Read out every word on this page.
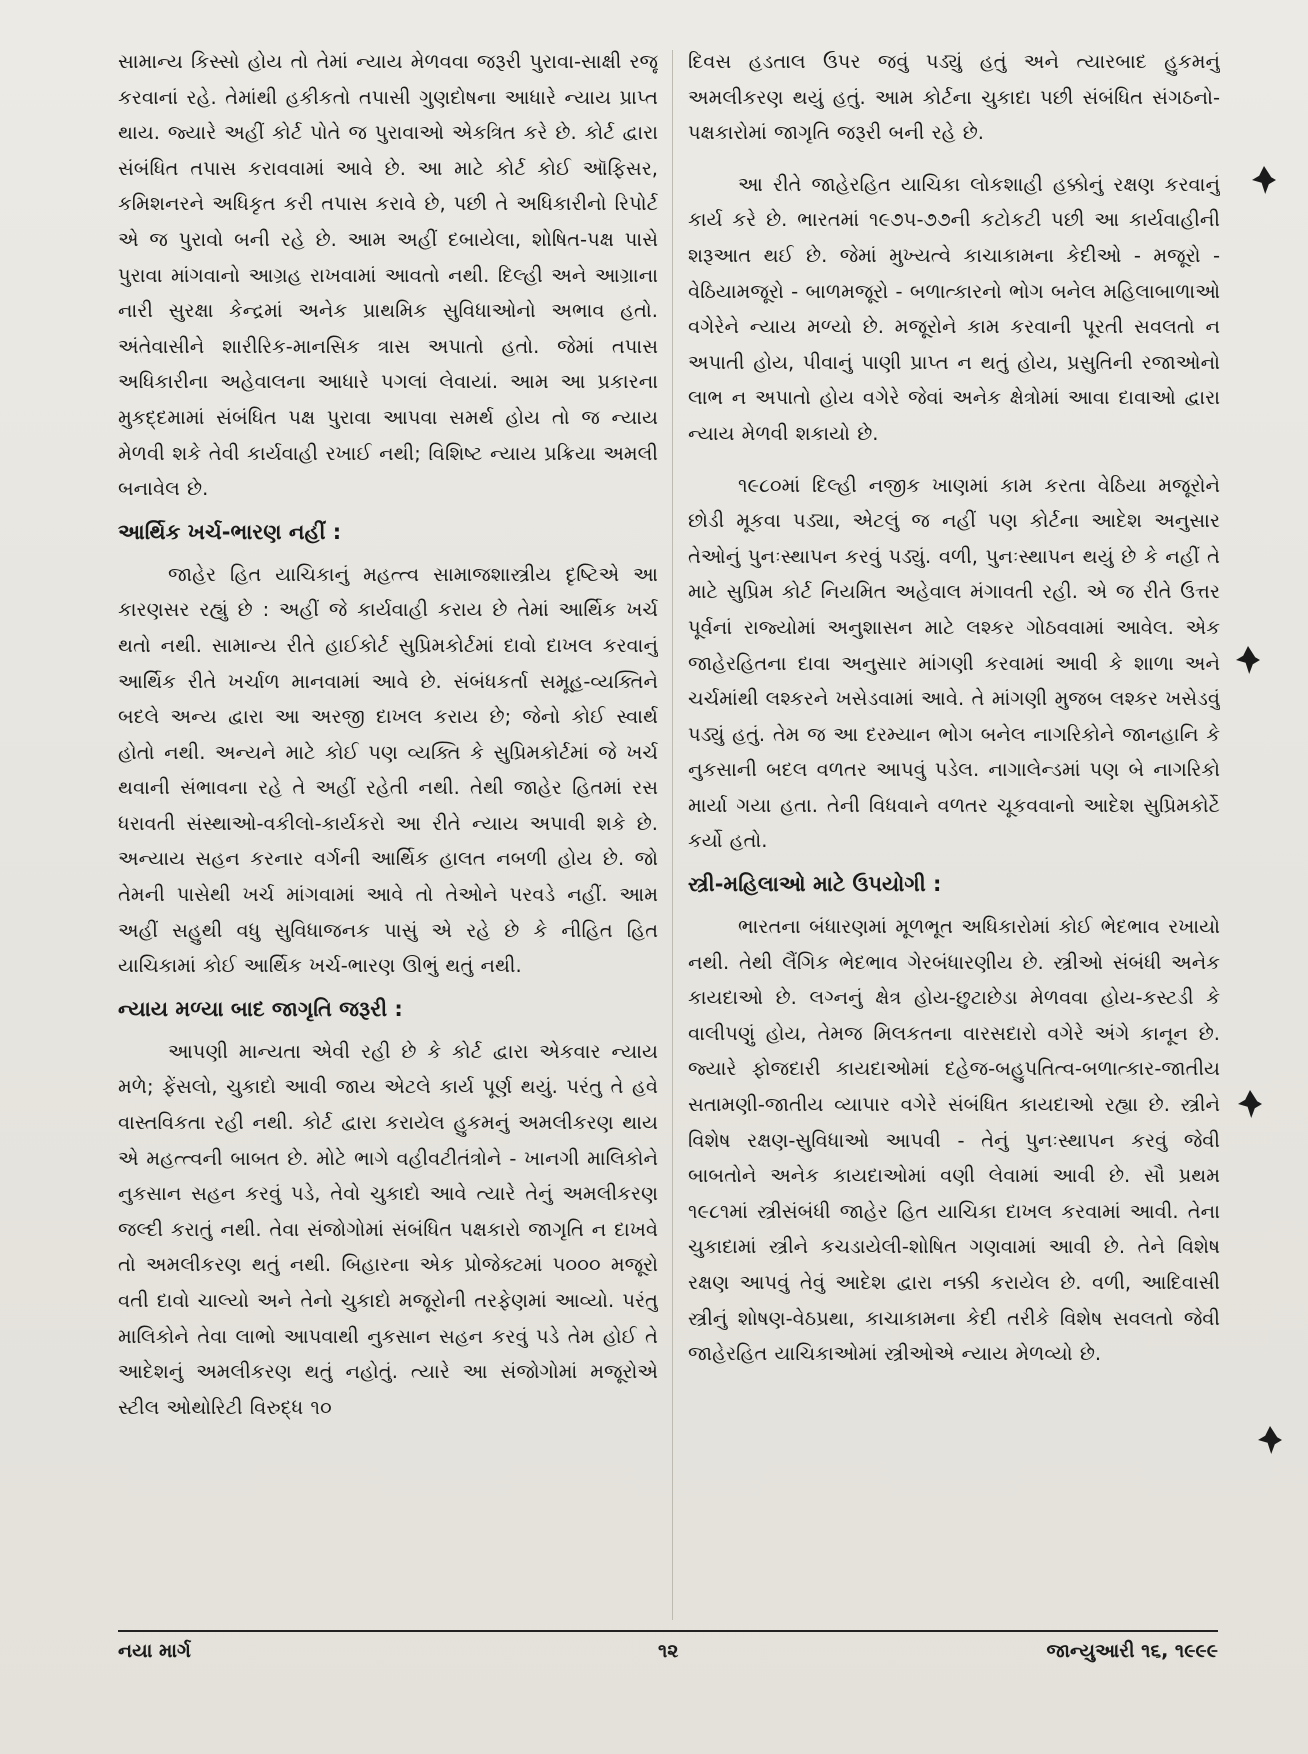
સામાન્ય કિસ્સો હોય તો તેમાં ન્યાય મેળવવા જરૂરી પુરાવા-સાક્ષી રજૂ કરવાનાં રહે. તેમાંથી હકીકતો તપાસી ગુણદોષના આધારે ન્યાય પ્રાપ્ત થાય. જ્યારે અહીં કોર્ટ પોતે જ પુરાવાઓ એકત્રિત કરે છે. કોર્ટ દ્વારા સંબંધિત તપાસ કરાવવામાં આવે છે. આ માટે કોર્ટ કોઈ ઑફિસર, કમિશનરને અધિકૃત કરી તપાસ કરાવે છે, પછી તે અધિકારીનો રિપોર્ટ એ જ પુરાવો બની રહે છે. આમ અહીં દબાયેલા, શોષિત-પક્ષ પાસે પુરાવા માંગવાનો આગ્રહ રાખવામાં આવતો નથી. દિલ્હી અને આગ્રાના નારી સુરક્ષા કેન્દ્રમાં અનેક પ્રાથમિક સુવિધાઓનો અભાવ હતો. અંતેવાસીને શારીરિક-માનસિક ત્રાસ અપાતો હતો. જેમાં તપાસ અધિકારીના અહેવાલના આધારે પગલાં લેવાયાં. આમ આ પ્રકારના મુકદ્દમામાં સંબંધિત પક્ષ પુરાવા આપવા સમર્થ હોય તો જ ન્યાય મેળવી શકે તેવી કાર્યવાહી રખાઈ નથી; વિશિષ્ટ ન્યાય પ્રક્રિયા અમલી બનાવેલ છે.

આર્થિક ખર્ચ-ભારણ નહીં :

જાહેર હિત યાચિકાનું મહત્ત્વ સામાજશાસ્ત્રીય દૃષ્ટિએ આ કારણસર રહ્યું છે : અહીં જે કાર્યવાહી કરાય છે તેમાં આર્થિક ખર્ચ થતો નથી. સામાન્ય રીતે હાઈકોર્ટ સુપ્રિમકોર્ટમાં દાવો દાખલ કરવાનું આર્થિક રીતે ખર્ચાળ માનવામાં આવે છે. સંબંધકર્તા સમૂહ-વ્યક્તિને બદલે અન્ય દ્વારા આ અરજી દાખલ કરાય છે; જેનો કોઈ સ્વાર્થ હોતો નથી. અન્યને માટે કોઈ પણ વ્યક્તિ કે સુપ્રિમકોર્ટમાં જે ખર્ચ થવાની સંભાવના રહે તે અહીં રહેતી નથી. તેથી જાહેર હિતમાં રસ ધરાવતી સંસ્થાઓ-વકીલો-કાર્યકરો આ રીતે ન્યાય અપાવી શકે છે. અન્યાય સહન કરનાર વર્ગની આર્થિક હાલત નબળી હોય છે. જો તેમની પાસેથી ખર્ચ માંગવામાં આવે તો તેઓને પરવડે નહીં. આમ અહીં સહુથી વધુ સુવિધાજનક પાસું એ રહે છે કે નીહિત હિત યાચિકામાં કોઈ આર્થિક ખર્ચ-ભારણ ઊભું થતું નથી.

ન્યાય મળ્યા બાદ જાગૃતિ જરૂરી :

આપણી માન્યતા એવી રહી છે કે કોર્ટ દ્વારા એકવાર ન્યાય મળે; ફેંસલો, ચુકાદો આવી જાય એટલે કાર્ય પૂર્ણ થયું. પરંતુ તે હવે વાસ્તવિકતા રહી નથી. કોર્ટ દ્વારા કરાયેલ હુકમનું અમલીકરણ થાય એ મહત્ત્વની બાબત છે. મોટે ભાગે વહીવટીતંત્રોને - ખાનગી માલિકોને નુકસાન સહન કરવું પડે, તેવો ચુકાદો આવે ત્યારે તેનું અમલીકરણ જલ્દી કરાતું નથી. તેવા સંજોગોમાં સંબંધિત પક્ષકારો જાગૃતિ ન દાખવે તો અમલીકરણ થતું નથી. બિહારના એક પ્રોજેક્ટમાં ૫૦૦૦ મજૂરો વતી દાવો ચાલ્યો અને તેનો ચુકાદો મજૂરોની તરફેણમાં આવ્યો. પરંતુ માલિકોને તેવા લાભો આપવાથી નુકસાન સહન કરવું પડે તેમ હોઈ તે આદેશનું અમલીકરણ થતું નહોતું. ત્યારે આ સંજોગોમાં મજૂરોએ સ્ટીલ ઓથોરિટી વિરુદ્ધ ૧૦

દિવસ હડતાલ ઉપર જવું પડ્યું હતું અને ત્યારબાદ હુકમનું અમલીકરણ થયું હતું. આમ કોર્ટના ચુકાદા પછી સંબંધિત સંગઠનો-પક્ષકારોમાં જાગૃતિ જરૂરી બની રહે છે.

આ રીતે જાહેરહિત યાચિકા લોકશાહી હક્કોનું રક્ષણ કરવાનું કાર્ય કરે છે. ભારતમાં ૧૯૭૫-૭૭ની કટોકટી પછી આ કાર્યવાહીની શરૂઆત થઈ છે. જેમાં મુખ્યત્વે કાચાકામના કેદીઓ - મજૂરો - વેઠિયામજૂરો - બાળમજૂરો - બળાત્કારનો ભોગ બનેલ મહિલાબાળાઓ વગેરેને ન્યાય મળ્યો છે. મજૂરોને કામ કરવાની પૂરતી સવલતો ન અપાતી હોય, પીવાનું પાણી પ્રાપ્ત ન થતું હોય, પ્રસુતિની રજાઓનો લાભ ન અપાતો હોય વગેરે જેવાં અનેક ક્ષેત્રોમાં આવા દાવાઓ દ્વારા ન્યાય મેળવી શકાયો છે.

૧૯૮૦માં દિલ્હી નજીક ખાણમાં કામ કરતા વેઠિયા મજૂરોને છોડી મૂકવા પડ્યા, એટલું જ નહીં પણ કોર્ટના આદેશ અનુસાર તેઓનું પુનઃસ્થાપન કરવું પડ્યું. વળી, પુનઃસ્થાપન થયું છે કે નહીં તે માટે સુપ્રિમ કોર્ટ નિયમિત અહેવાલ મંગાવતી રહી. એ જ રીતે ઉત્તર પૂર્વનાં રાજ્યોમાં અનુશાસન માટે લશ્કર ગોઠવવામાં આવેલ. એક જાહેરહિતના દાવા અનુસાર માંગણી કરવામાં આવી કે શાળા અને ચર્ચમાંથી લશ્કરને ખસેડવામાં આવે. તે માંગણી મુજબ લશ્કર ખસેડવું પડ્યું હતું. તેમ જ આ દરમ્યાન ભોગ બનેલ નાગરિકોને જાનહાનિ કે નુકસાની બદલ વળતર આપવું પડેલ. નાગાલેન્ડમાં પણ બે નાગરિકો માર્યા ગયા હતા. તેની વિધવાને વળતર ચૂકવવાનો આદેશ સુપ્રિમકોર્ટે કર્યો હતો.

સ્ત્રી-મહિલાઓ માટે ઉપયોગી :

ભારતના બંધારણમાં મૂળભૂત અધિકારોમાં કોઈ ભેદભાવ રખાયો નથી. તેથી લૈંગિક ભેદભાવ ગેરબંધારણીય છે. સ્ત્રીઓ સંબંધી અનેક કાયદાઓ છે. લગ્નનું ક્ષેત્ર હોય-છુટાછેડા મેળવવા હોય-કસ્ટડી કે વાલીપણું હોય, તેમજ મિલકતના વારસદારો વગેરે અંગે કાનૂન છે. જ્યારે ફોજદારી કાયદાઓમાં દહેજ-બહુપતિત્વ-બળાત્કાર-જાતીય સતામણી-જાતીય વ્યાપાર વગેરે સંબંધિત કાયદાઓ રહ્યા છે. સ્ત્રીને વિશેષ રક્ષણ-સુવિધાઓ આપવી - તેનું પુનઃસ્થાપન કરવું જેવી બાબતોને અનેક કાયદાઓમાં વણી લેવામાં આવી છે. સૌ પ્રથમ ૧૯૮૧માં સ્ત્રીસંબંધી જાહેર હિત યાચિકા દાખલ કરવામાં આવી. તેના ચુકાદામાં સ્ત્રીને કચડાયેલી-શોષિત ગણવામાં આવી છે. તેને વિશેષ રક્ષણ આપવું તેવું આદેશ દ્વારા નક્કી કરાયેલ છે. વળી, આદિવાસી સ્ત્રીનું શોષણ-વેઠપ્રથા, કાચાકામના કેદી તરીકે વિશેષ સવલતો જેવી જાહેરહિત યાચિકાઓમાં સ્ત્રીઓએ ન્યાય મેળવ્યો છે.

નયા માર્ગ	૧૨	જાન્યુઆરી ૧૬, ૧૯૯૯
